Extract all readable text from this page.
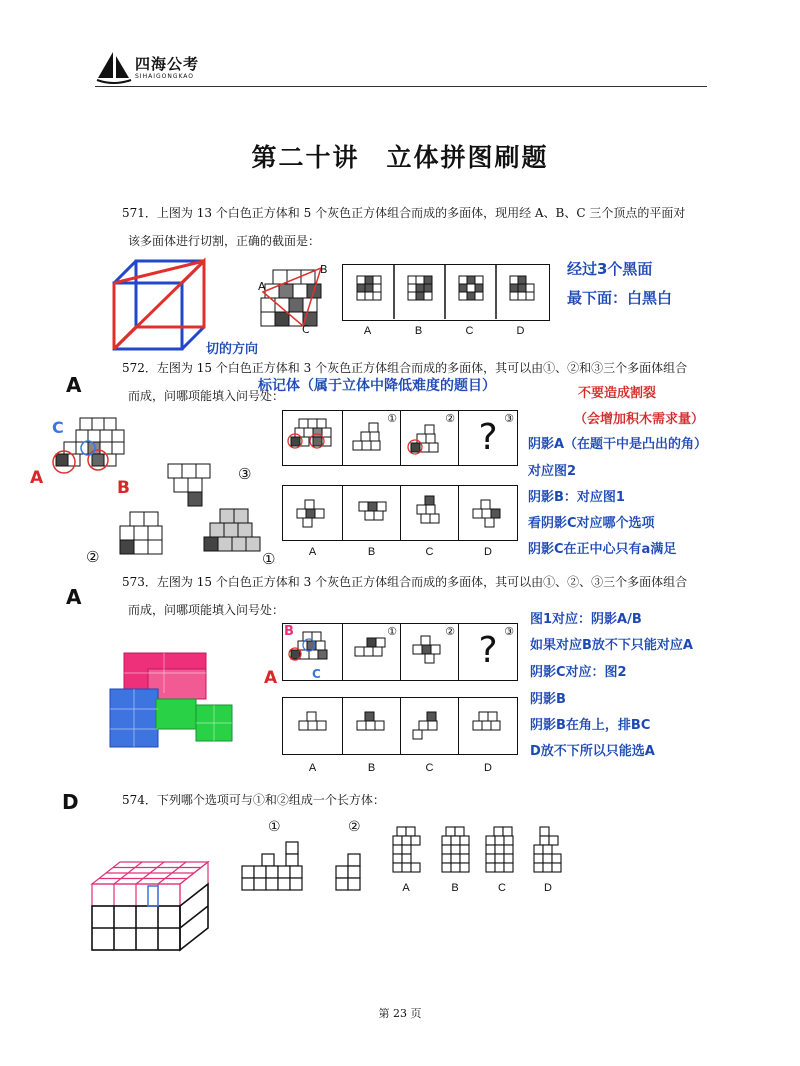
四海公考
SIHAIGONGKAO
第二十讲　立体拼图刷题
571．上图为 13 个白色正方体和 5 个灰色正方体组合而成的多面体，现用经 A、B、C 三个顶点的平面对
该多面体进行切割，正确的截面是：
A
B
C	A	B	C	D
切的方向
经过3个黑面
最下面：白黑白
A
572．左图为 15 个白色正方体和 3 个灰色正方体组合而成的多面体，其可以由①、②和③三个多面体组合
而成，问哪项能填入问号处：
标记体（属于立体中降低难度的题目）
C
A	B
③
②	①
①	② ? ③
A	B	C	D
不要造成割裂
（会增加积木需求量）
阴影A（在题干中是凸出的角）
对应图2
阴影B：对应图1
看阴影C对应哪个选项
阴影C在正中心只有a满足
A
573．左图为 15 个白色正方体和 3 个灰色正方体组合而成的多面体，其可以由①、②、③三个多面体组合
而成，问哪项能填入问号处：
B
A	C
①	② ? ③
A	B	C	D
图1对应：阴影A/B
如果对应B放不下只能对应A
阴影C对应：图2
阴影B
阴影B在角上，排BC
D放不下所以只能选A
D	574．下列哪个选项可与①和②组成一个长方体：
①	②
A	B	C	D
第 23 页
